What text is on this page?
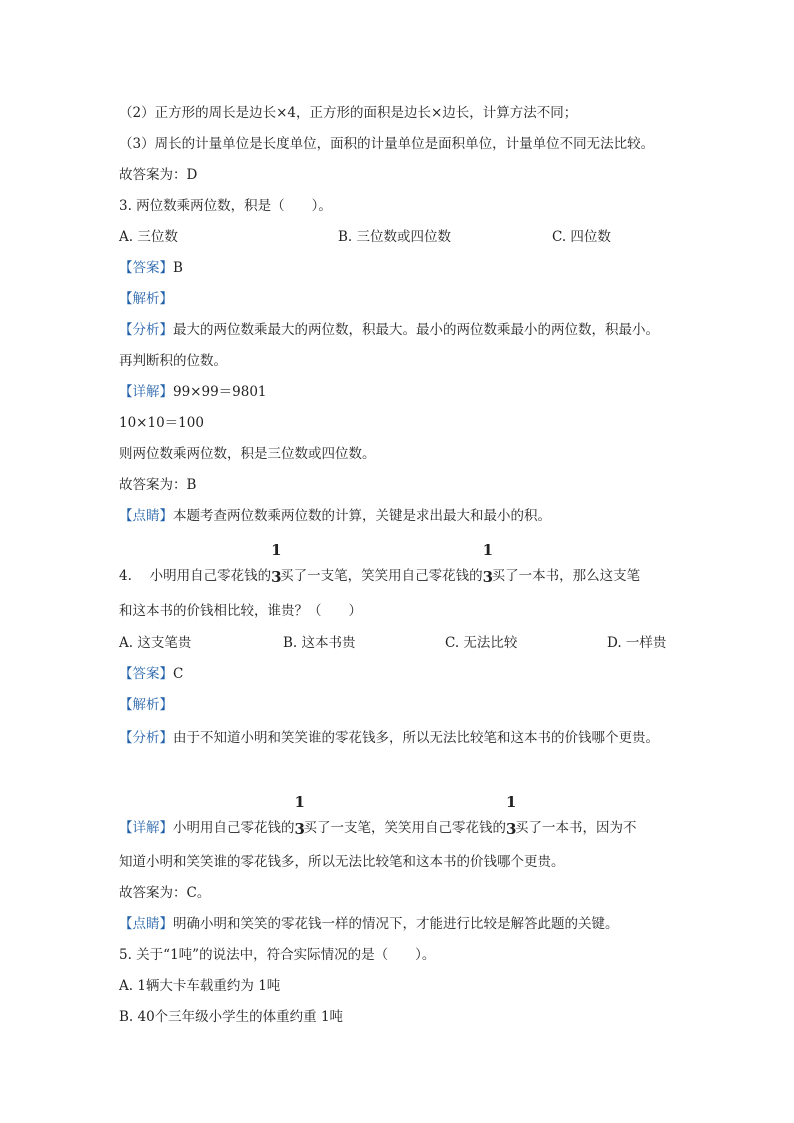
（2）正方形的周长是边长×4，正方形的面积是边长×边长，计算方法不同；
（3）周长的计量单位是长度单位，面积的计量单位是面积单位，计量单位不同无法比较。
故答案为：D
3. 两位数乘两位数，积是（　　）。
A. 三位数	B. 三位数或四位数	C. 四位数
【答案】B
【解析】
【分析】最大的两位数乘最大的两位数，积最大。最小的两位数乘最小的两位数，积最小。
再判断积的位数。
【详解】99×99＝9801
10×10＝100
则两位数乘两位数，积是三位数或四位数。
故答案为：B
【点睛】本题考查两位数乘两位数的计算，关键是求出最大和最小的积。
4.　 小明用自己零花钱的
1
3
买了一支笔，笑笑用自己零花钱的
1
3
买了一本书，那么这支笔
和这本书的价钱相比较，谁贵？（　　）
A. 这支笔贵	B. 这本书贵	C. 无法比较	D. 一样贵
【答案】C
【解析】
【分析】由于不知道小明和笑笑谁的零花钱多，所以无法比较笔和这本书的价钱哪个更贵。
【详解】小明用自己零花钱的
1
3
买了一支笔，笑笑用自己零花钱的
1
3
买了一本书，因为不
知道小明和笑笑谁的零花钱多，所以无法比较笔和这本书的价钱哪个更贵。
故答案为：C。
【点睛】明确小明和笑笑的零花钱一样的情况下，才能进行比较是解答此题的关键。
5. 关于“1吨”的说法中，符合实际情况的是（　　）。
A. 1辆大卡车载重约为 1吨
B. 40个三年级小学生的体重约重 1吨
